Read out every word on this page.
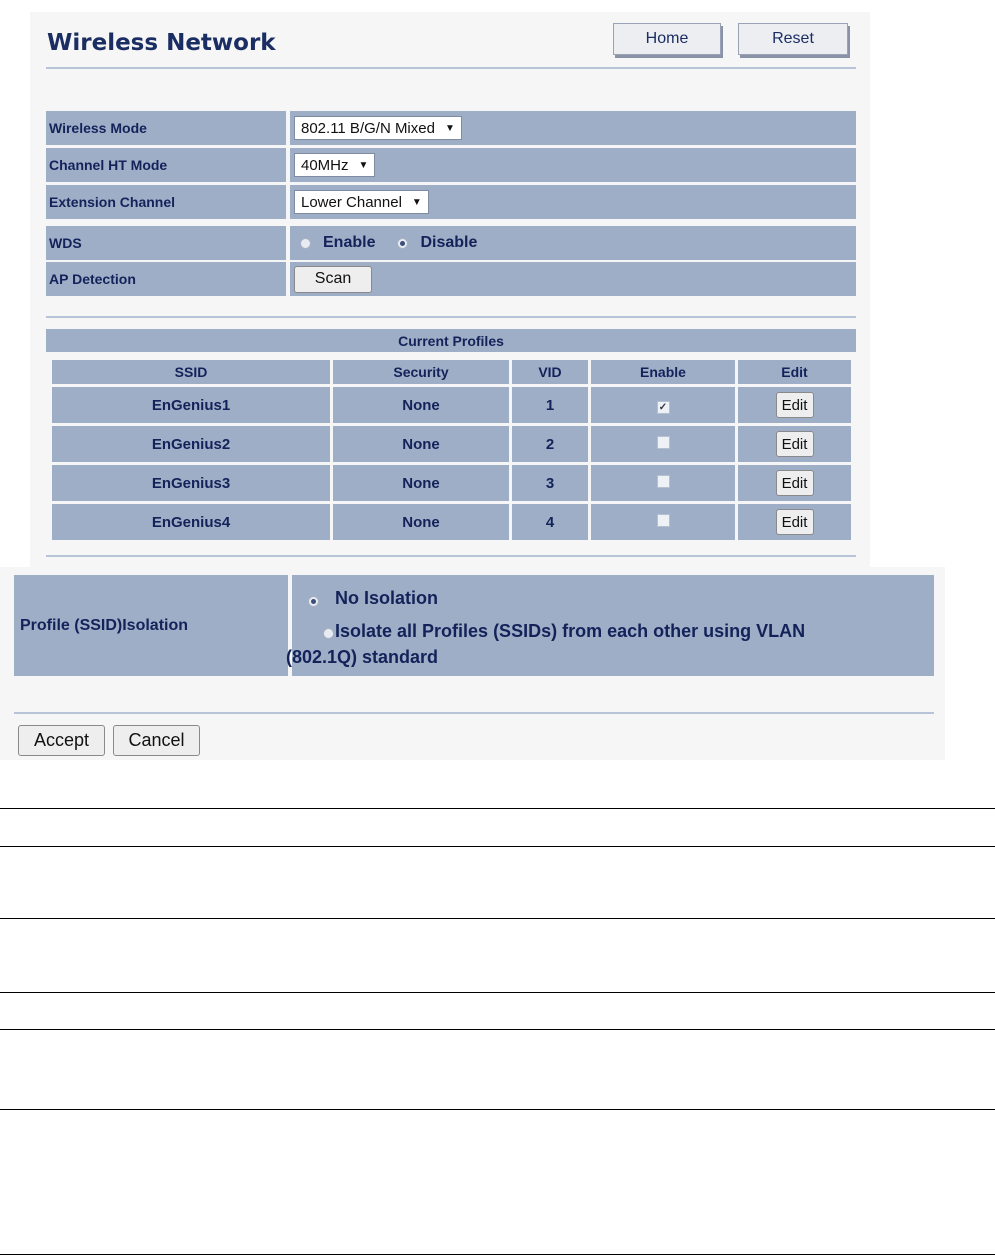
Wireless Network	Home	Reset
Wireless Mode	802.11 B/G/N Mixed ▼
Channel HT Mode	40MHz ▼
Extension Channel	Lower Channel ▼
WDS	Enable	Disable
AP Detection	Scan
Current Profiles
SSID	Security	VID	Enable	Edit
EnGenius1	None	1	✓	Edit
EnGenius2	None	2		Edit
EnGenius3	None	3		Edit
EnGenius4	None	4		Edit
Profile (SSID)Isolation

No Isolation
Isolate all Profiles (SSIDs) from each other using VLAN
(802.1Q) standard
Accept	Cancel
